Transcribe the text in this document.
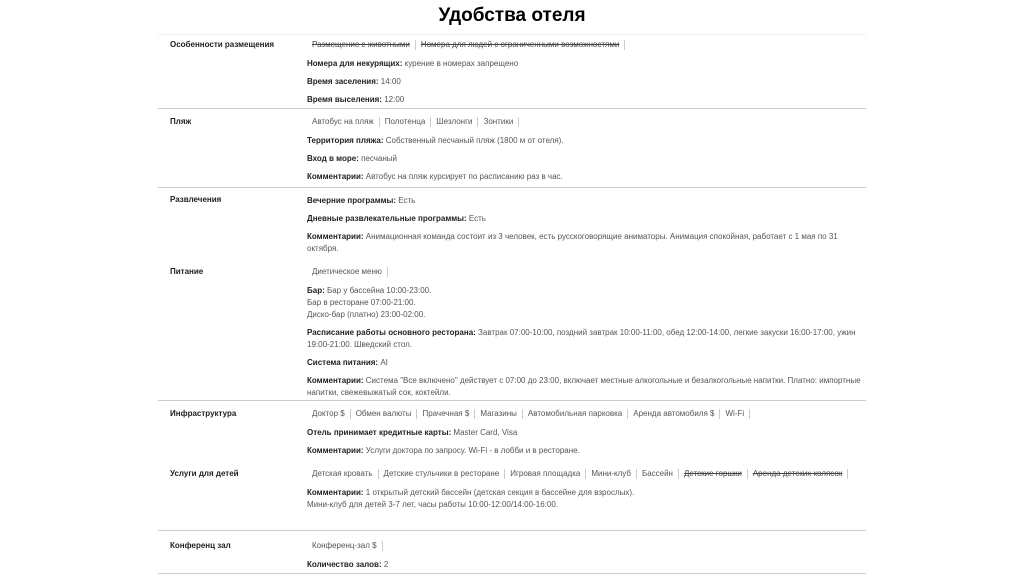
Удобства отеля
Особенности размещения	Размещение с животными	Номера для людей с ограниченными возможностями
Номера для некурящих: курение в номерах запрещено
Время заселения: 14:00
Время выселения: 12:00
Пляж	Автобус на пляж	Полотенца	Шезлонги	Зонтики
Территория пляжа: Собственный песчаный пляж (1800 м от отеля).
Вход в море: песчаный
Комментарии: Автобус на пляж курсирует по расписанию раз в час.
Развлечения	Вечерние программы: Есть
Дневные развлекательные программы: Есть
Комментарии: Анимационная команда состоит из 3 человек, есть русскоговорящие аниматоры. Анимация спокойная, работает с 1 мая по 31 октября.
Питание	Диетическое меню
Бар: Бар у бассейна 10:00-23:00.
Бар в ресторане 07:00-21:00.
Диско-бар (платно) 23:00-02:00.
Расписание работы основного ресторана: Завтрак 07:00-10:00, поздний завтрак 10:00-11:00, обед 12:00-14:00, легкие закуски 16:00-17:00, ужин 19:00-21:00. Шведский стол.
Система питания: AI
Комментарии: Система "Все включено" действует с 07:00 до 23:00, включает местные алкогольные и безалкогольные напитки. Платно: импортные напитки, свежевыжатый сок, коктейли.
Инфраструктура	Доктор $	Обмен валюты	Прачечная $	Магазины	Автомобильная парковка	Аренда автомобиля $	Wi-Fi
Отель принимает кредитные карты: Master Card, Visa
Комментарии: Услуги доктора по запросу. Wi-Fi - в лобби и в ресторане.
Услуги для детей	Детская кровать	Детские стульчики в ресторане	Игровая площадка	Мини-клуб	Бассейн	Детские горшки	Аренда детских колясок
Комментарии: 1 открытый детский бассейн (детская секция в бассейне для взрослых).
Мини-клуб для детей 3-7 лет, часы работы 10:00-12:00/14:00-16:00.
Конференц зал	Конференц-зал $
Количество залов: 2
